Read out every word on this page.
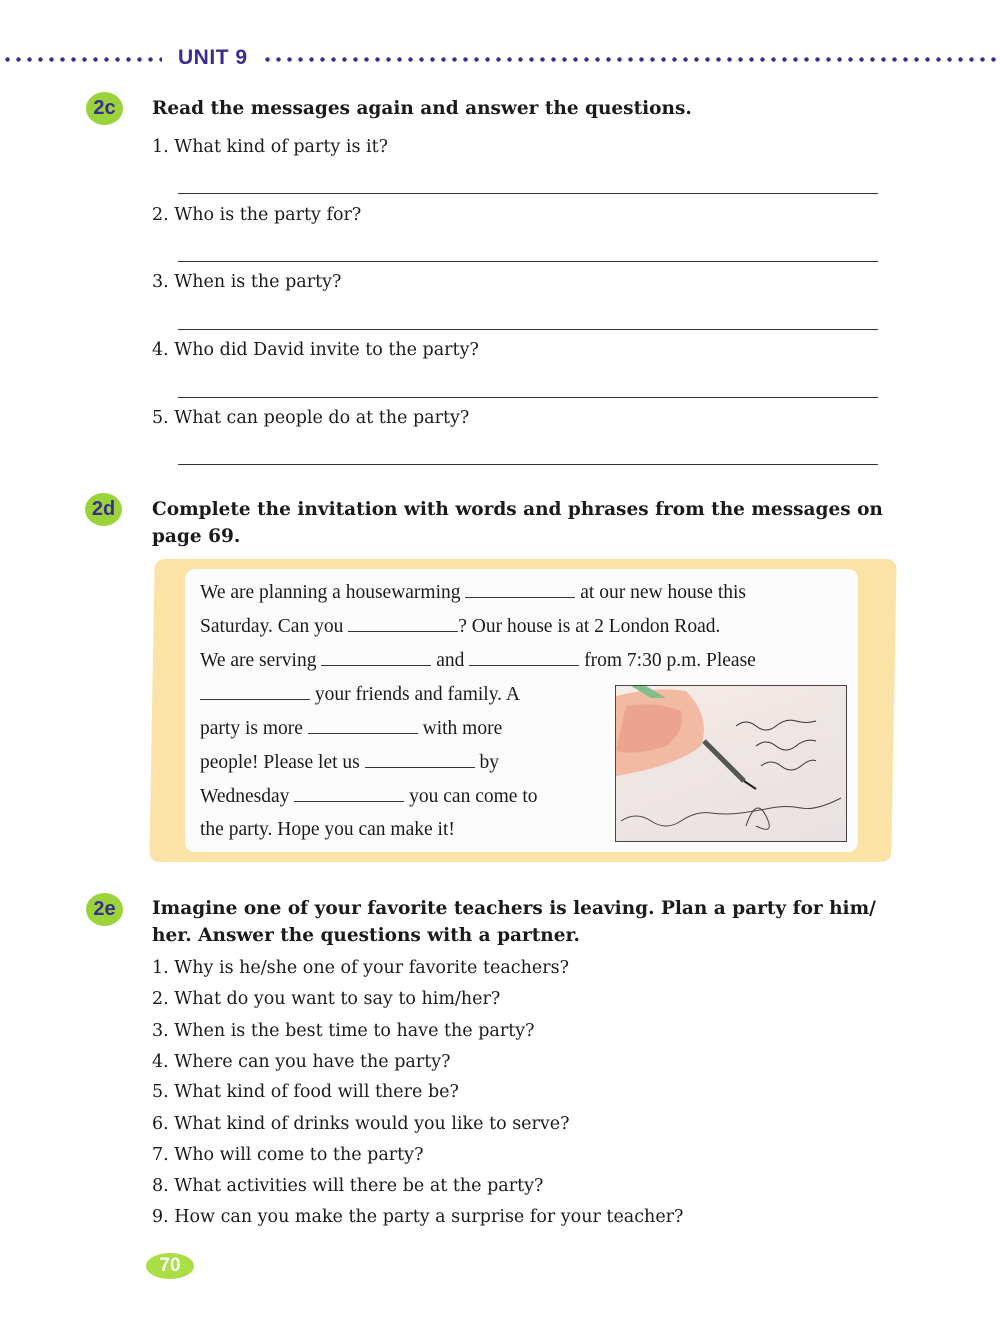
UNIT 9
2c	Read the messages again and answer the questions.
1. What kind of party is it?
2. Who is the party for?
3. When is the party?
4. Who did David invite to the party?
5. What can people do at the party?
2d	Complete the invitation with words and phrases from the messages on
page 69.
We are planning a housewarming	at our new house this
Saturday. Can you	? Our house is at 2 London Road.
We are serving	and	from 7:30 p.m. Please
your friends and family. A
party is more	with more
people! Please let us	by
Wednesday	you can come to
the party. Hope you can make it!
2e	Imagine one of your favorite teachers is leaving. Plan a party for him/
her. Answer the questions with a partner.
1. Why is he/she one of your favorite teachers?
2. What do you want to say to him/her?
3. When is the best time to have the party?
4. Where can you have the party?
5. What kind of food will there be?
6. What kind of drinks would you like to serve?
7. Who will come to the party?
8. What activities will there be at the party?
9. How can you make the party a surprise for your teacher?
70
